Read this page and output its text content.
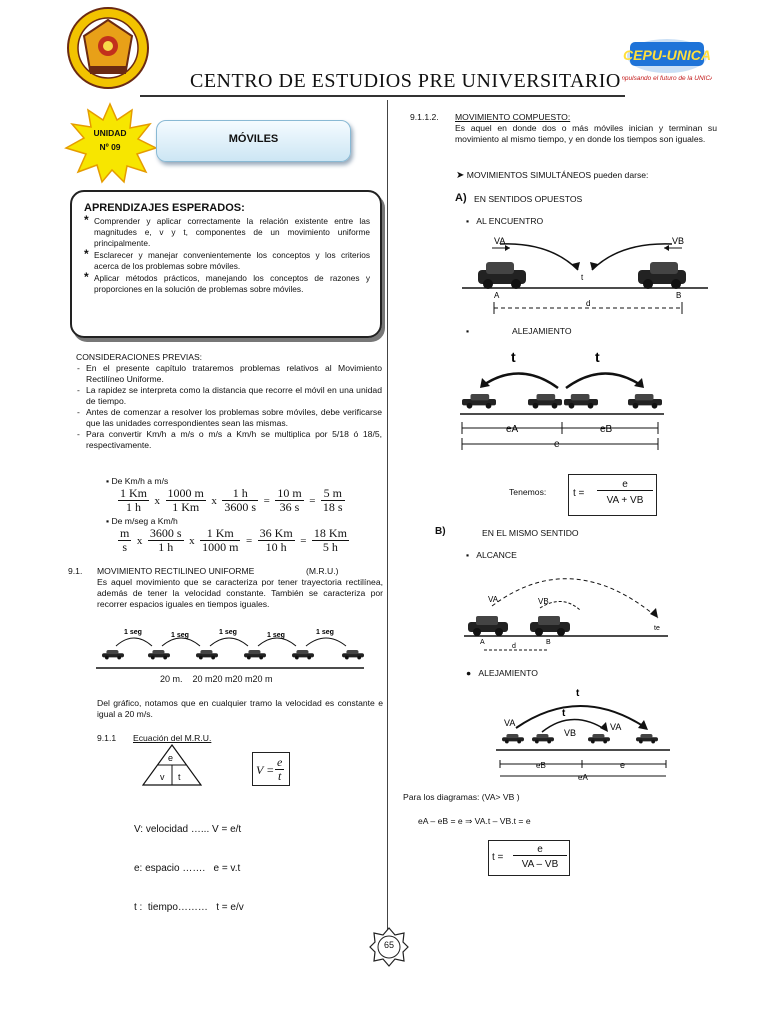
CEPU-UNICA
Impulsando el futuro de la UNICA!
CENTRO DE ESTUDIOS PRE UNIVERSITARIO
UNIDAD
Nº 09
MÓVILES
APRENDIZAJES ESPERADOS:
* Comprender y aplicar correctamente la relación existente entre las magnitudes e, v y t, componentes de un movimiento uniforme principalmente.
* Esclarecer y manejar convenientemente los conceptos y los criterios acerca de los problemas sobre móviles.
* Aplicar métodos prácticos, manejando los conceptos de razones y proporciones en la solución de problemas sobre móviles.
CONSIDERACIONES PREVIAS:
- En el presente capítulo trataremos problemas relativos al Movimiento Rectilíneo Uniforme.
- La rapidez se interpreta como la distancia que recorre el móvil en una unidad de tiempo.
- Antes de comenzar a resolver los problemas sobre móviles, debe verificarse que las unidades correspondientes sean las mismas.
- Para convertir Km/h a m/s o m/s a Km/h se multiplica por 5/18 ó 18/5, respectivamente.
▪ De Km/h a m/s
$\frac{1 Km}{1 h}$ x $\frac{1000 m}{1 Km}$ x $\frac{1 h}{3600 s} = \frac{10 m}{36 s} = \frac{5 m}{18 s}$
▪ De m/seg a Km/h
$\frac{m}{s}$ x $\frac{3600 s}{1 h}$ x $\frac{1 Km}{1000 m} = \frac{36 Km}{10 h} = \frac{18 Km}{5 h}$
9.1. MOVIMIENTO RECTILINEO UNIFORME	(M.R.U.)
Es aquel movimiento que se caracteriza por tener trayectoria rectilínea, además de tener la velocidad constante. También se caracteriza por recorrer espacios iguales en tiempos iguales.
1 seg	1 seg	1 seg	1 seg	1 seg
20 m.    20 m20 m20 m20 m
Del gráfico, notamos que en cualquier tramo la velocidad es constante e igual a 20 m/s.
9.1.1 Ecuación del M.R.U.
e
v t	$V = \frac{e}{t}$

V: velocidad …... V = e/t

e: espacio …….   e = v.t

t :  tiempo………   t = e/v

9.1.1.2. MOVIMIENTO COMPUESTO:
Es aquel en donde dos o más móviles inician y terminan su movimiento al mismo tiempo, y en donde los tiempos son iguales.
➤ MOVIMIENTOS SIMULTÁNEOS pueden darse:
A) EN SENTIDOS OPUESTOS
▪   AL ENCUENTRO
VA	VB
t
A	B
d
▪                  ALEJAMIENTO
t	t
eA	eB
e
Tenemos:	t =
e
VA + VB
B)	EN EL MISMO SENTIDO
▪   ALCANCE
VA	VB
A	B
d
te
●   ALEJAMIENTO
t
t
VA
VB
VA
eB	e
eA
Para los diagramas: (VA> VB )
eA – eB = e ⇒ VA.t – VB.t = e
t =
e
VA – VB
65
